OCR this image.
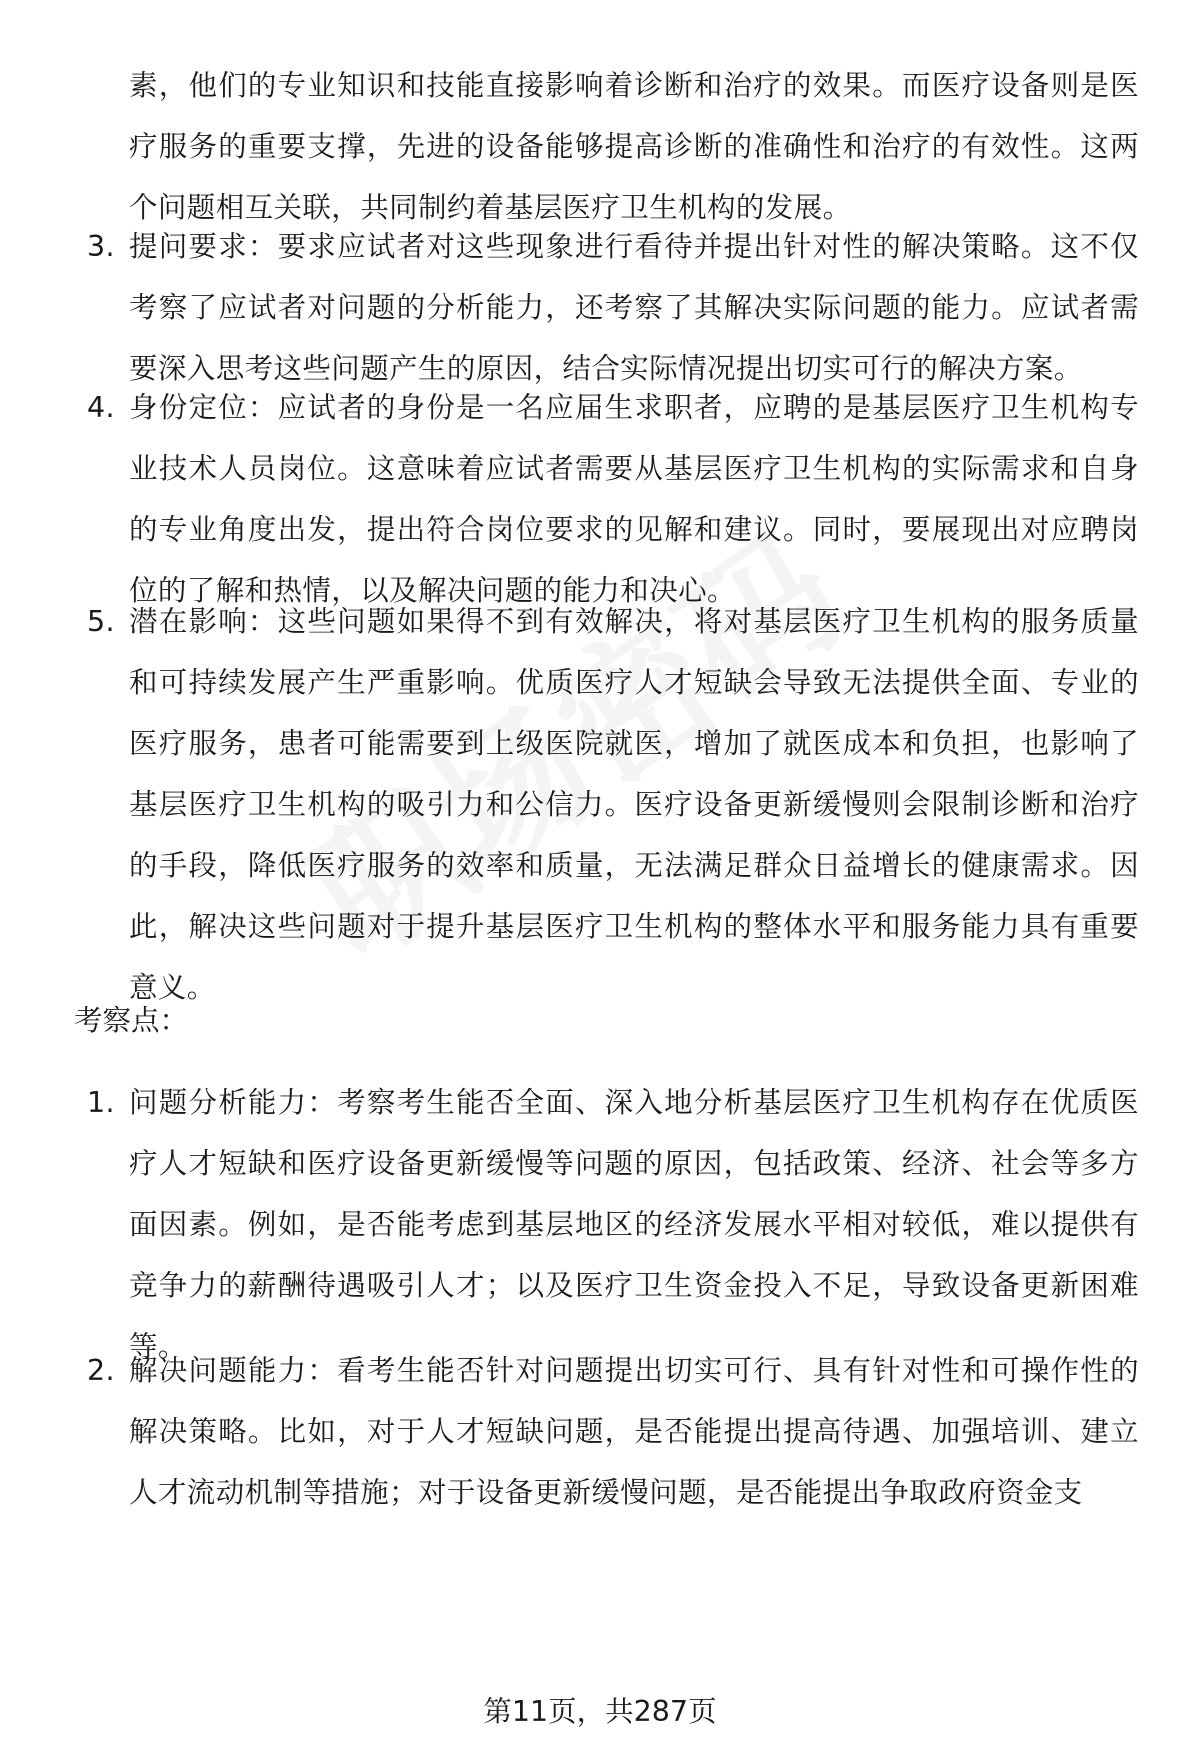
素，他们的专业知识和技能直接影响着诊断和治疗的效果。而医疗设备则是医疗服务的重要支撑，先进的设备能够提高诊断的准确性和治疗的有效性。这两个问题相互关联，共同制约着基层医疗卫生机构的发展。

3. 提问要求：要求应试者对这些现象进行看待并提出针对性的解决策略。这不仅考察了应试者对问题的分析能力，还考察了其解决实际问题的能力。应试者需要深入思考这些问题产生的原因，结合实际情况提出切实可行的解决方案。
4. 身份定位：应试者的身份是一名应届生求职者，应聘的是基层医疗卫生机构专业技术人员岗位。这意味着应试者需要从基层医疗卫生机构的实际需求和自身的专业角度出发，提出符合岗位要求的见解和建议。同时，要展现出对应聘岗位的了解和热情，以及解决问题的能力和决心。
5. 潜在影响：这些问题如果得不到有效解决，将对基层医疗卫生机构的服务质量和可持续发展产生严重影响。优质医疗人才短缺会导致无法提供全面、专业的医疗服务，患者可能需要到上级医院就医，增加了就医成本和负担，也影响了基层医疗卫生机构的吸引力和公信力。医疗设备更新缓慢则会限制诊断和治疗的手段，降低医疗服务的效率和质量，无法满足群众日益增长的健康需求。因此，解决这些问题对于提升基层医疗卫生机构的整体水平和服务能力具有重要意义。

考察点：

1. 问题分析能力：考察考生能否全面、深入地分析基层医疗卫生机构存在优质医疗人才短缺和医疗设备更新缓慢等问题的原因，包括政策、经济、社会等多方面因素。例如，是否能考虑到基层地区的经济发展水平相对较低，难以提供有竞争力的薪酬待遇吸引人才；以及医疗卫生资金投入不足，导致设备更新困难等。
2. 解决问题能力：看考生能否针对问题提出切实可行、具有针对性和可操作性的解决策略。比如，对于人才短缺问题，是否能提出提高待遇、加强培训、建立人才流动机制等措施；对于设备更新缓慢问题，是否能提出争取政府资金支
第11页，共287页
